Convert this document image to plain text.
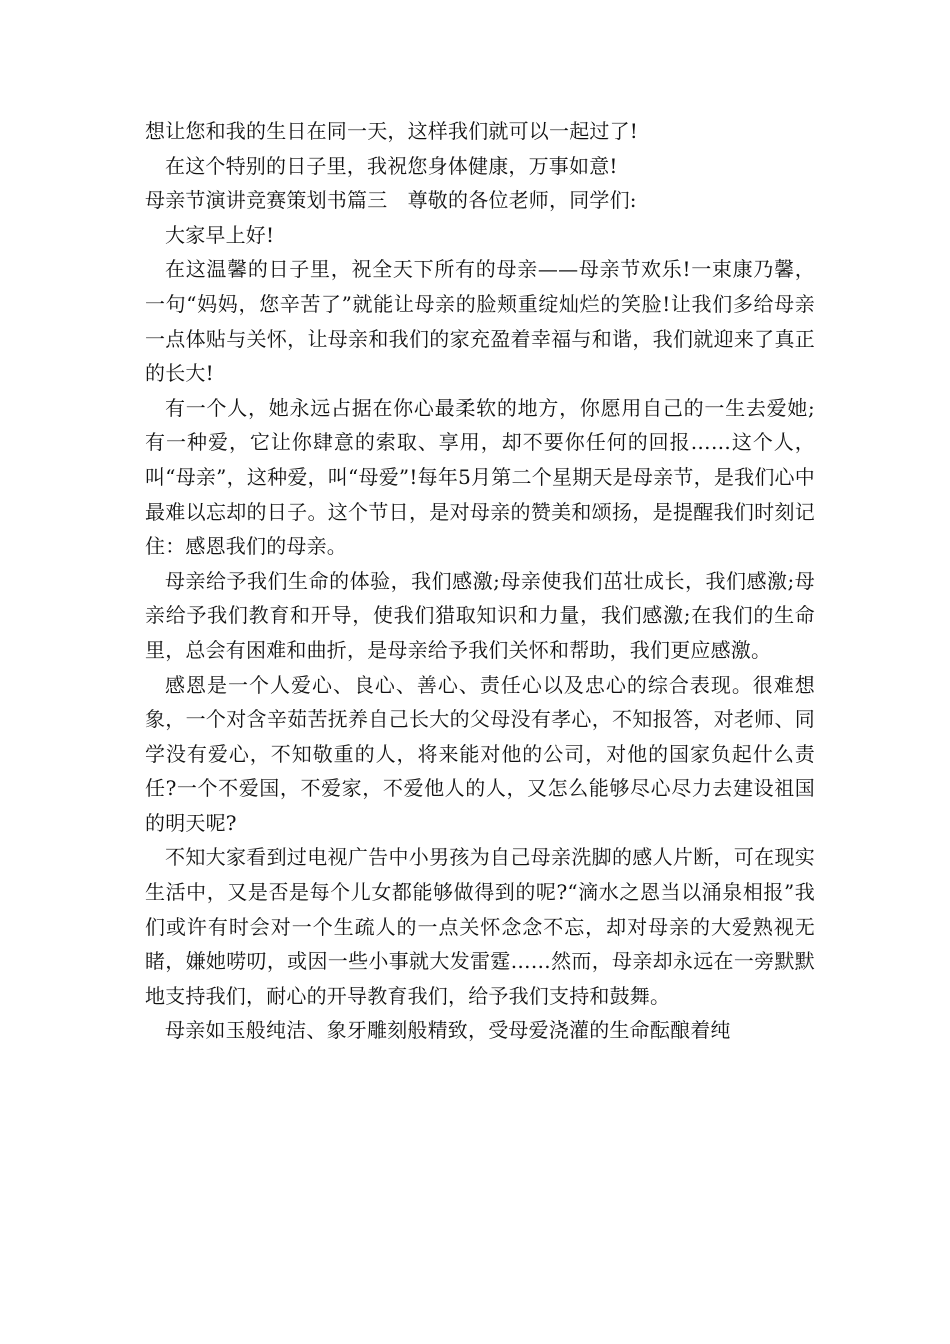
想让您和我的生日在同一天，这样我们就可以一起过了!

在这个特别的日子里，我祝您身体健康，万事如意!

母亲节演讲竞赛策划书篇三　尊敬的各位老师，同学们:

大家早上好!

在这温馨的日子里，祝全天下所有的母亲——母亲节欢乐!一束康乃馨，一句“妈妈，您辛苦了”就能让母亲的脸颊重绽灿烂的笑脸!让我们多给母亲一点体贴与关怀，让母亲和我们的家充盈着幸福与和谐，我们就迎来了真正的长大!

有一个人，她永远占据在你心最柔软的地方，你愿用自己的一生去爱她;有一种爱，它让你肆意的索取、享用，却不要你任何的回报……这个人，叫“母亲”，这种爱，叫“母爱”!每年5月第二个星期天是母亲节，是我们心中最难以忘却的日子。这个节日，是对母亲的赞美和颂扬，是提醒我们时刻记住：感恩我们的母亲。

母亲给予我们生命的体验，我们感激;母亲使我们茁壮成长，我们感激;母亲给予我们教育和开导，使我们猎取知识和力量，我们感激;在我们的生命里，总会有困难和曲折，是母亲给予我们关怀和帮助，我们更应感激。

感恩是一个人爱心、良心、善心、责任心以及忠心的综合表现。很难想象，一个对含辛茹苦抚养自己长大的父母没有孝心，不知报答，对老师、同学没有爱心，不知敬重的人，将来能对他的公司，对他的国家负起什么责任?一个不爱国，不爱家，不爱他人的人，又怎么能够尽心尽力去建设祖国的明天呢?

不知大家看到过电视广告中小男孩为自己母亲洗脚的感人片断，可在现实生活中，又是否是每个儿女都能够做得到的呢?“滴水之恩当以涌泉相报”我们或许有时会对一个生疏人的一点关怀念念不忘，却对母亲的大爱熟视无睹，嫌她唠叨，或因一些小事就大发雷霆……然而，母亲却永远在一旁默默地支持我们，耐心的开导教育我们，给予我们支持和鼓舞。

母亲如玉般纯洁、象牙雕刻般精致，受母爱浇灌的生命酝酿着纯
